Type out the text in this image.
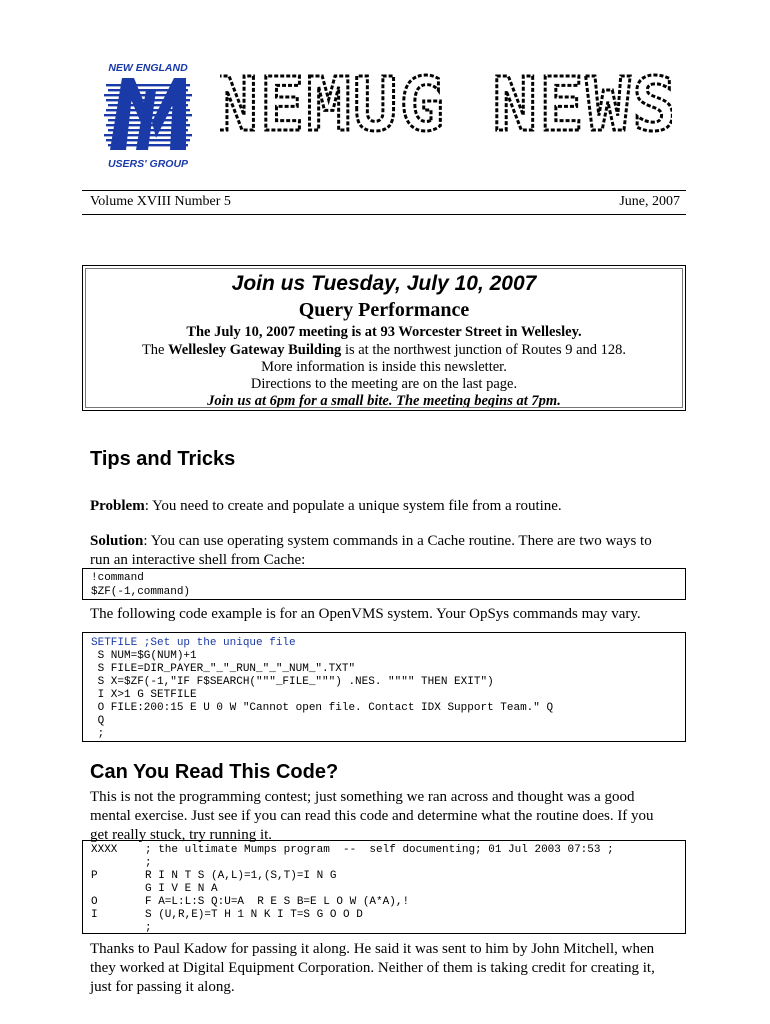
NEW ENGLAND
USERS' GROUP
NEMUG NEWS
Volume XVIII Number 5	June, 2007
Join us Tuesday, July 10, 2007
Query Performance
The July 10, 2007 meeting is at 93 Worcester Street in Wellesley.
The Wellesley Gateway Building is at the northwest junction of Routes 9 and 128.
More information is inside this newsletter.
Directions to the meeting are on the last page.
Join us at 6pm for a small bite. The meeting begins at 7pm.
Tips and Tricks
Problem: You need to create and populate a unique system file from a routine.
Solution: You can use operating system commands in a Cache routine. There are two ways to
run an interactive shell from Cache:
!command
$ZF(-1,command)
The following code example is for an OpenVMS system. Your OpSys commands may vary.
SETFILE ;Set up the unique file
S NUM=$G(NUM)+1
S FILE=DIR_PAYER_"_"_RUN_"_"_NUM_".TXT"
S X=$ZF(-1,"IF F$SEARCH("""_FILE_""") .NES. """" THEN EXIT")
I X>1 G SETFILE
O FILE:200:15 E U 0 W "Cannot open file. Contact IDX Support Team." Q
Q
;
Can You Read This Code?
This is not the programming contest; just something we ran across and thought was a good
mental exercise. Just see if you can read this code and determine what the routine does. If you
get really stuck, try running it.
XXXX	; the ultimate Mumps program  --  self documenting; 01 Jul 2003 07:53 ;
;
P	R I N T S (A,L)=1,(S,T)=I N G
G I V E N A
O	F A=L:L:S Q:U=A  R E S B=E L O W (A*A),!
I	S (U,R,E)=T H 1 N K I T=S G O O D
;
Thanks to Paul Kadow for passing it along. He said it was sent to him by John Mitchell, when
they worked at Digital Equipment Corporation. Neither of them is taking credit for creating it,
just for passing it along.
